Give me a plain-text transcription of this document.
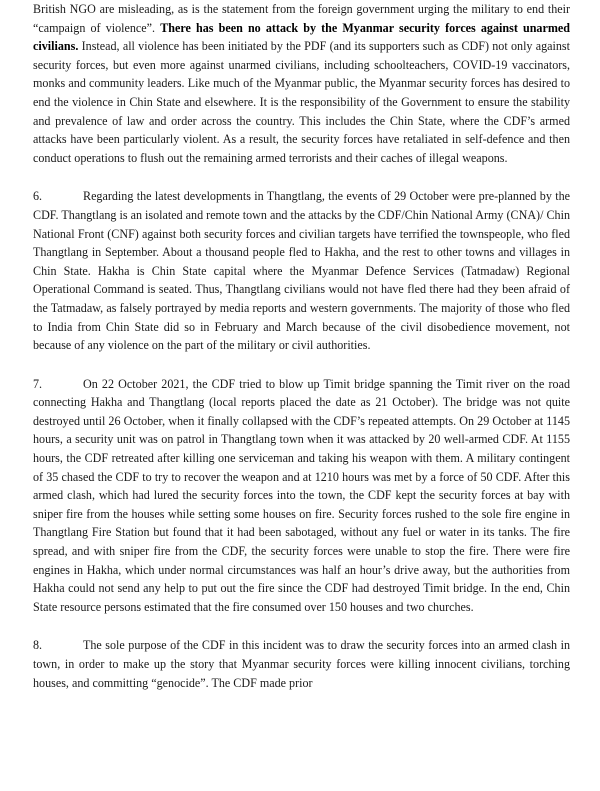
British NGO are misleading, as is the statement from the foreign government urging the military to end their “campaign of violence”. There has been no attack by the Myanmar security forces against unarmed civilians. Instead, all violence has been initiated by the PDF (and its supporters such as CDF) not only against security forces, but even more against unarmed civilians, including schoolteachers, COVID-19 vaccinators, monks and community leaders. Like much of the Myanmar public, the Myanmar security forces has desired to end the violence in Chin State and elsewhere. It is the responsibility of the Government to ensure the stability and prevalence of law and order across the country. This includes the Chin State, where the CDF’s armed attacks have been particularly violent. As a result, the security forces have retaliated in self-defence and then conduct operations to flush out the remaining armed terrorists and their caches of illegal weapons.

6.	Regarding the latest developments in Thangtlang, the events of 29 October were pre-planned by the CDF. Thangtlang is an isolated and remote town and the attacks by the CDF/Chin National Army (CNA)/ Chin National Front (CNF) against both security forces and civilian targets have terrified the townspeople, who fled Thangtlang in September. About a thousand people fled to Hakha, and the rest to other towns and villages in Chin State. Hakha is Chin State capital where the Myanmar Defence Services (Tatmadaw) Regional Operational Command is seated. Thus, Thangtlang civilians would not have fled there had they been afraid of the Tatmadaw, as falsely portrayed by media reports and western governments. The majority of those who fled to India from Chin State did so in February and March because of the civil disobedience movement, not because of any violence on the part of the military or civil authorities.

7.	On 22 October 2021, the CDF tried to blow up Timit bridge spanning the Timit river on the road connecting Hakha and Thangtlang (local reports placed the date as 21 October). The bridge was not quite destroyed until 26 October, when it finally collapsed with the CDF’s repeated attempts. On 29 October at 1145 hours, a security unit was on patrol in Thangtlang town when it was attacked by 20 well-armed CDF. At 1155 hours, the CDF retreated after killing one serviceman and taking his weapon with them. A military contingent of 35 chased the CDF to try to recover the weapon and at 1210 hours was met by a force of 50 CDF. After this armed clash, which had lured the security forces into the town, the CDF kept the security forces at bay with sniper fire from the houses while setting some houses on fire. Security forces rushed to the sole fire engine in Thangtlang Fire Station but found that it had been sabotaged, without any fuel or water in its tanks. The fire spread, and with sniper fire from the CDF, the security forces were unable to stop the fire. There were fire engines in Hakha, which under normal circumstances was half an hour’s drive away, but the authorities from Hakha could not send any help to put out the fire since the CDF had destroyed Timit bridge. In the end, Chin State resource persons estimated that the fire consumed over 150 houses and two churches.

8.	The sole purpose of the CDF in this incident was to draw the security forces into an armed clash in town, in order to make up the story that Myanmar security forces were killing innocent civilians, torching houses, and committing “genocide”. The CDF made prior
